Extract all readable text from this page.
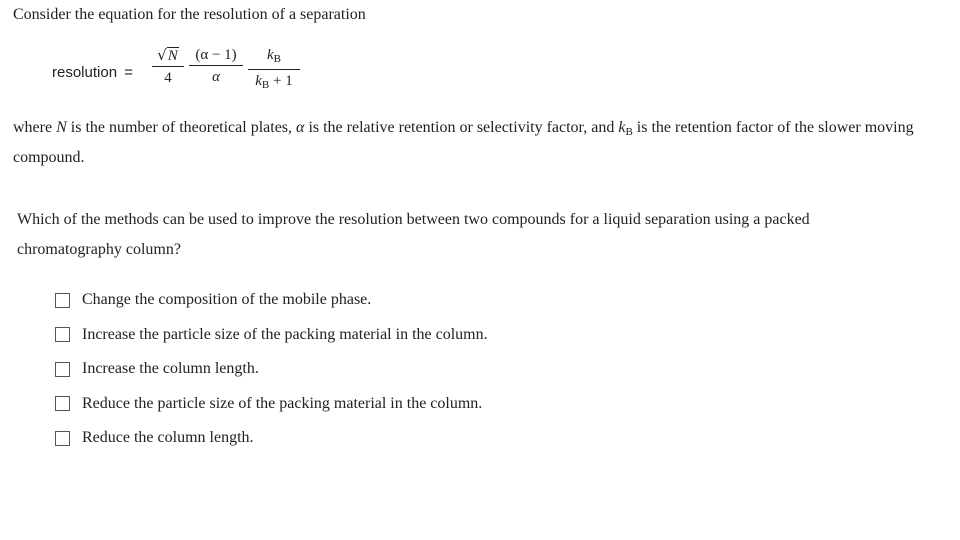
Consider the equation for the resolution of a separation
resolution =
√N
4
(α − 1)
α
$k_B$
$k_B + 1$
where N is the number of theoretical plates, α is the relative retention or selectivity factor, and $k_B$ is the retention factor of the slower moving compound.
Which of the methods can be used to improve the resolution between two compounds for a liquid separation using a packed chromatography column?
Change the composition of the mobile phase.
Increase the particle size of the packing material in the column.
Increase the column length.
Reduce the particle size of the packing material in the column.
Reduce the column length.
